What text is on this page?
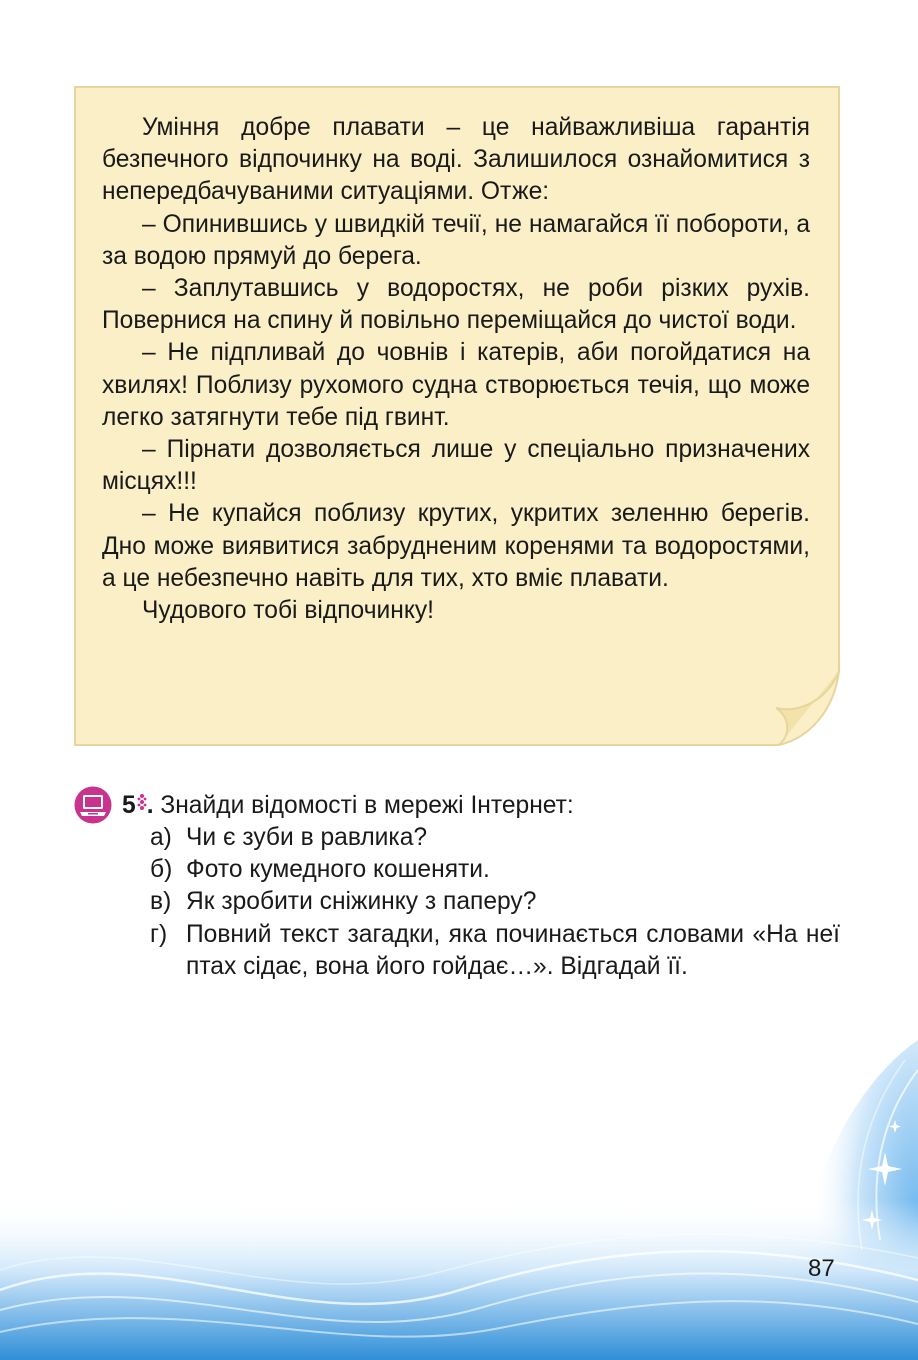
Уміння добре плавати – це найважливіша гарантія безпечного відпочинку на воді. Залишилося ознайомитися з непередбачуваними ситуаціями. Отже:

– Опинившись у швидкій течії, не намагайся її побороти, а за водою прямуй до берега.

– Заплутавшись у водоростях, не роби різких рухів. Повернися на спину й повільно переміщайся до чистої води.

– Не підпливай до човнів і катерів, аби погойдатися на хвилях! Поблизу рухомого судна створюється течія, що може легко затягнути тебе під гвинт.

– Пірнати дозволяється лише у спеціально призначених місцях!!!

– Не купайся поблизу крутих, укритих зеленню берегів. Дно може виявитися забрудненим коренями та водоростями, а це небезпечно навіть для тих, хто вміє плавати.

Чудового тобі відпочинку!

5 . Знайди відомості в мережі Інтернет:
а) Чи є зуби в равлика?
б) Фото кумедного кошеняти.
в) Як зробити сніжинку з паперу?
г) Повний текст загадки, яка починається словами «На неї птах сідає, вона його гойдає…». Відгадай її.
87
